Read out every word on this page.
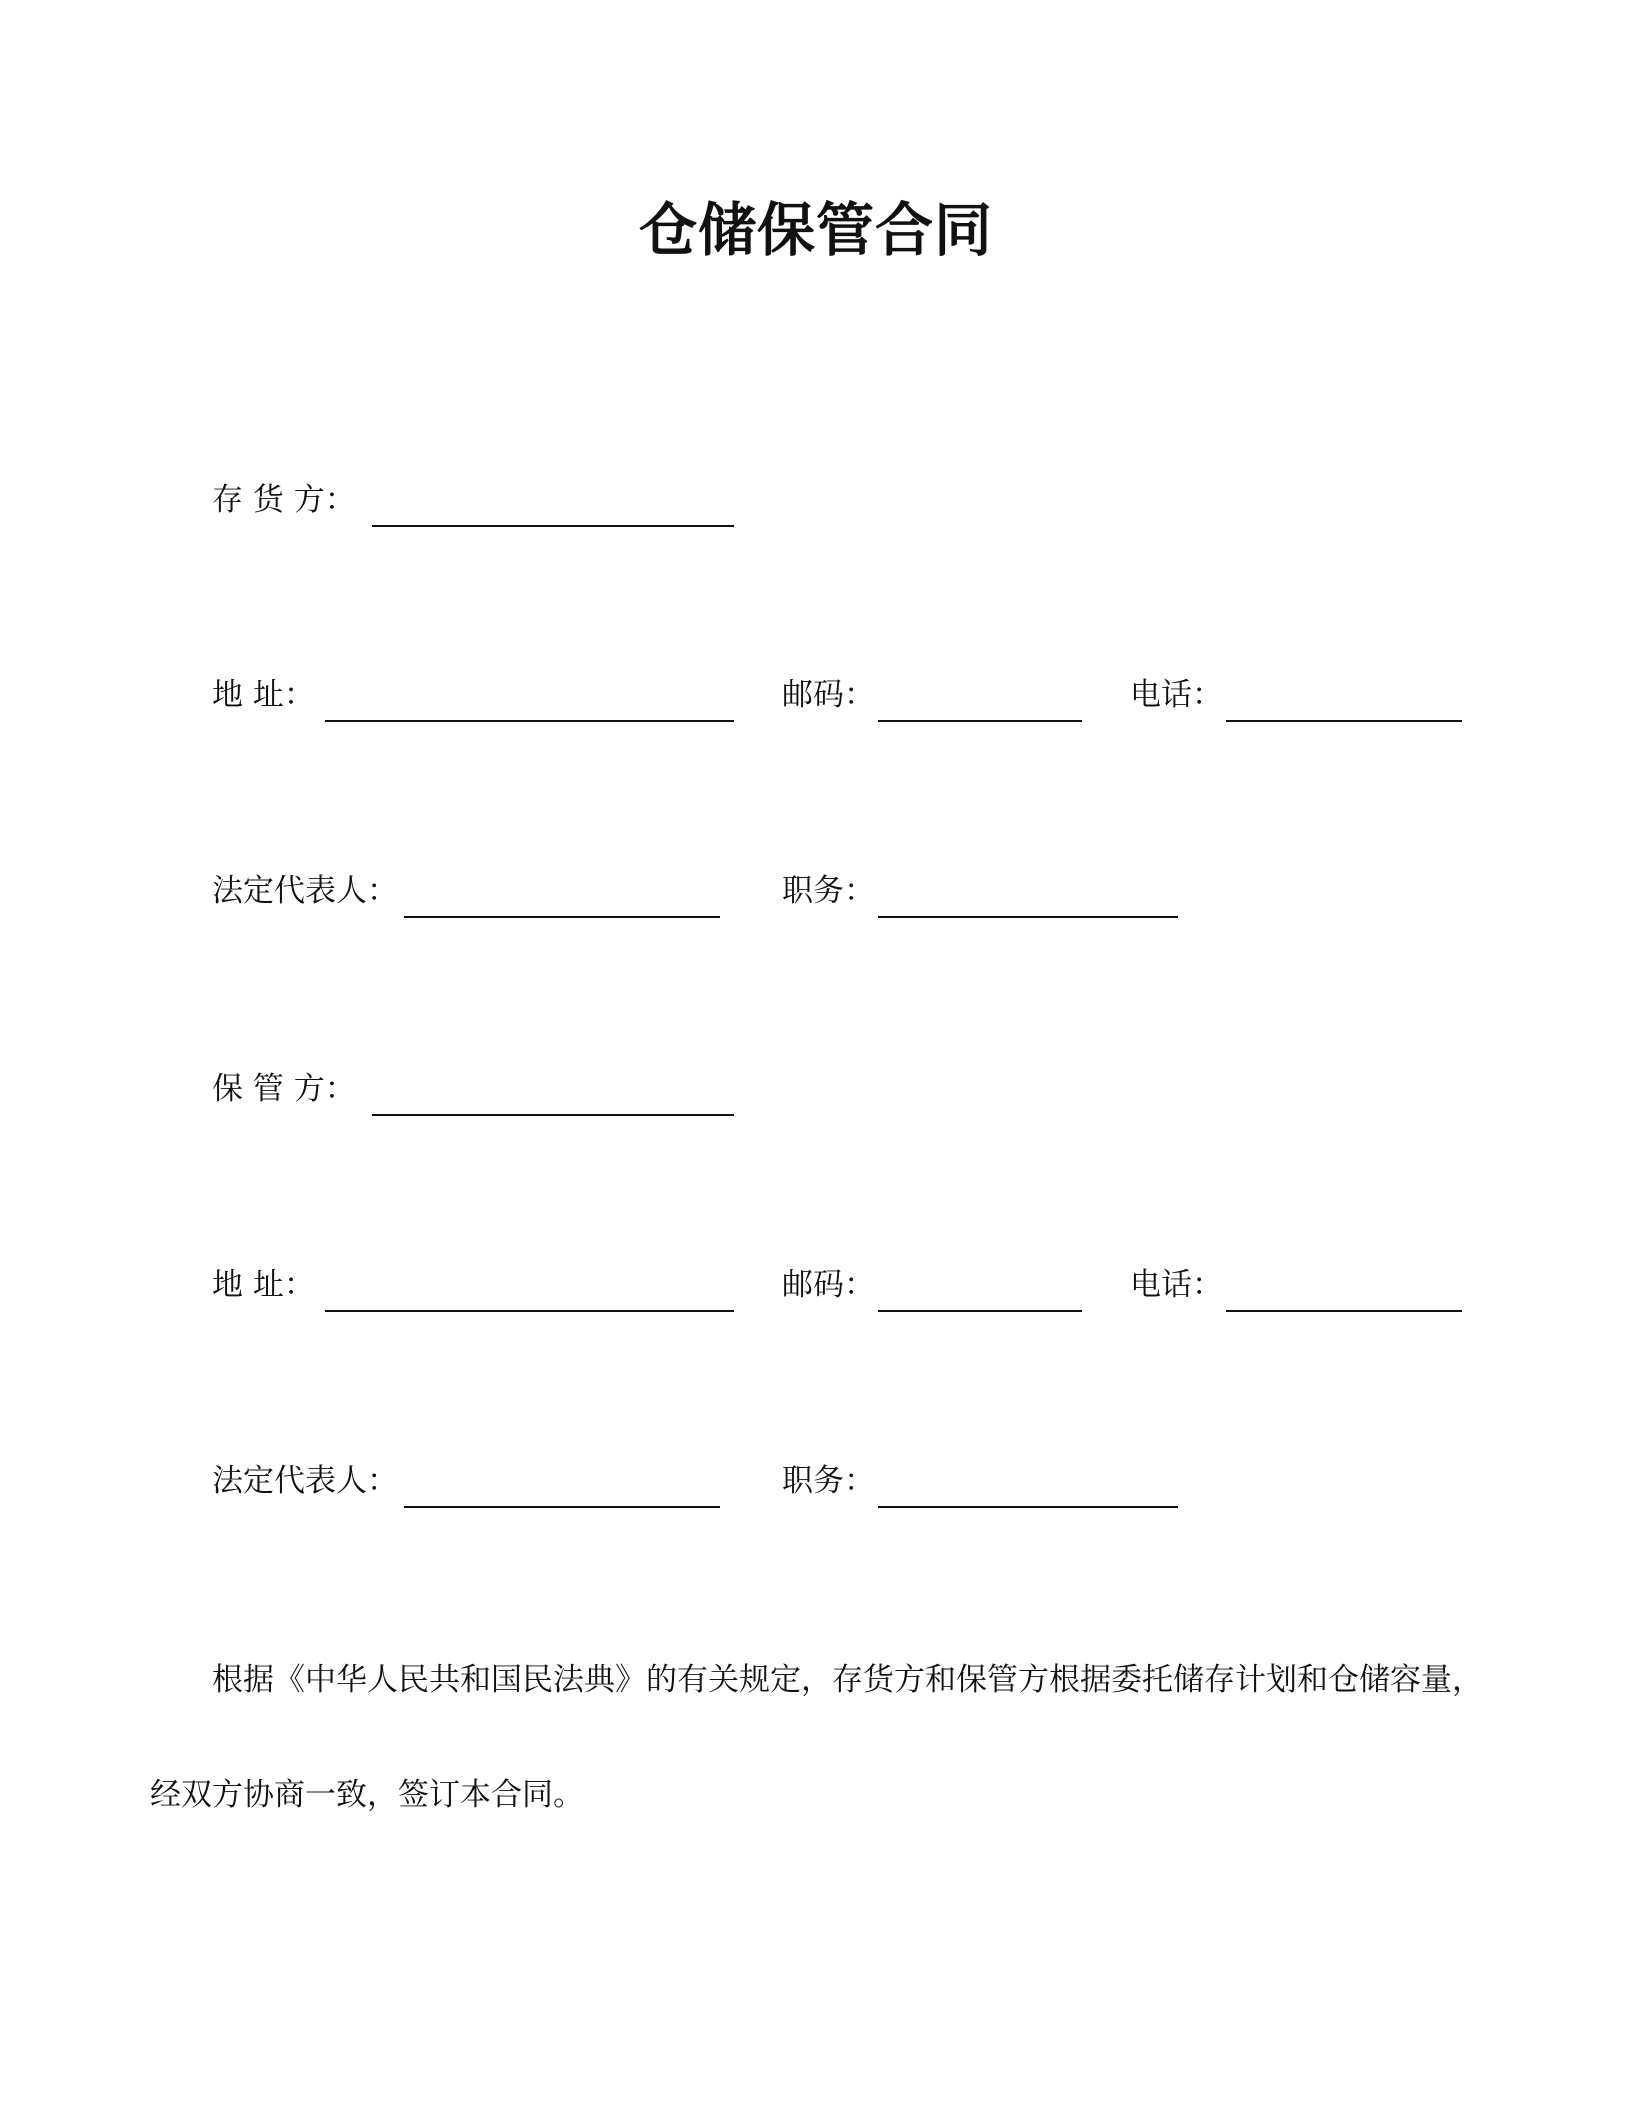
仓储保管合同
存 货 方：
地 址：	邮码：	电话：
法定代表人：	职务：
保 管 方：
地 址：	邮码：	电话：
法定代表人：	职务：
根据《中华人民共和国民法典》的有关规定，存货方和保管方根据委托储存计划和仓储容量，
经双方协商一致，签订本合同。
